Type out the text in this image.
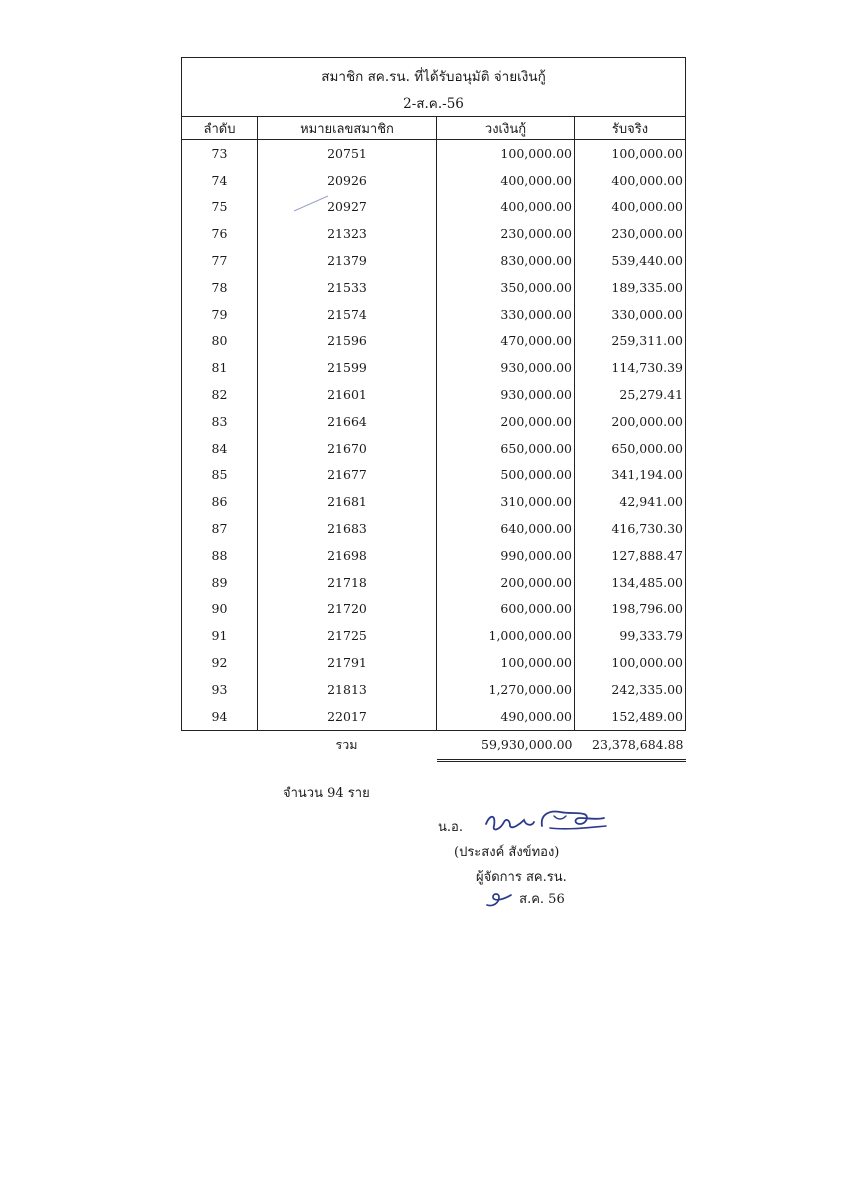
สมาชิก สค.รน. ที่ได้รับอนุมัติ จ่ายเงินกู้			
2-ส.ค.-56			
ลำดับ	หมายเลขสมาชิก	วงเงินกู้	รับจริง
73	20751	100,000.00	100,000.00
74	20926	400,000.00	400,000.00
75	20927	400,000.00	400,000.00
76	21323	230,000.00	230,000.00
77	21379	830,000.00	539,440.00
78	21533	350,000.00	189,335.00
79	21574	330,000.00	330,000.00
80	21596	470,000.00	259,311.00
81	21599	930,000.00	114,730.39
82	21601	930,000.00	25,279.41
83	21664	200,000.00	200,000.00
84	21670	650,000.00	650,000.00
85	21677	500,000.00	341,194.00
86	21681	310,000.00	42,941.00
87	21683	640,000.00	416,730.30
88	21698	990,000.00	127,888.47
89	21718	200,000.00	134,485.00
90	21720	600,000.00	198,796.00
91	21725	1,000,000.00	99,333.79
92	21791	100,000.00	100,000.00
93	21813	1,270,000.00	242,335.00
94	22017	490,000.00	152,489.00
	รวม	59,930,000.00	23,378,684.88
จำนวน 94 ราย
น.อ.
(ประสงค์ สังข์ทอง)
ผู้จัดการ สค.รน.
ส.ค. 56
